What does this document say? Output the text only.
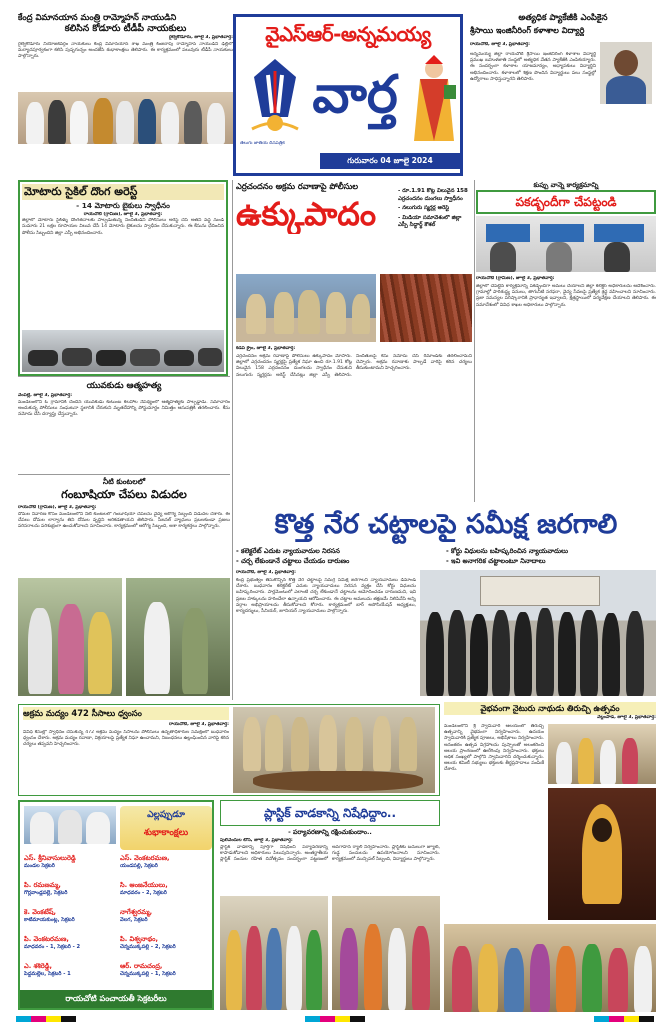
కేంద్ర విమానయాన మంత్రి రామ్మోహన్ నాయుడిని
కలిసిన కోడూరు టీడీపీ నాయకులు
రైల్వేకోడూరు, జూలై 3, ప్రభాతవార్త:
రైల్వేకోడూరు నియోజకవర్గం నాయకులు కేంద్ర విమానయాన శాఖ మంత్రి కింజరాపు రామ్మోహన్ నాయుడిని ఢిల్లీలో మర్యాదపూర్వకంగా కలిసి పుష్పగుచ్ఛం అందజేసి శుభాకాంక్షలు తెలిపారు. ఈ కార్యక్రమంలో పలువురు టీడీపీ నాయకులు పాల్గొన్నారు.
వైఎస్ఆర్-అన్నమయ్య
తెలుగు జాతీయ దినపత్రిక
వార్త
గురువారం 04 జూలై 2024
అత్యధిక ప్యాకేజీకి ఎంపికైన
శ్రీసాయి ఇంజినీరింగ్ కళాశాల విద్యార్థి
రాయచోటి, జూలై 3, ప్రభాతవార్త:
అన్నమయ్య జిల్లా రాయచోటి శ్రీసాయి ఇంజినీరింగ్ కళాశాల విద్యార్థి ప్రముఖ బహుళజాతి సంస్థలో అత్యధిక వేతన ప్యాకేజీకి ఎంపికయ్యారు. ఈ సందర్భంగా కళాశాల యాజమాన్యం, అధ్యాపకులు విద్యార్థిని అభినందించారు. కళాశాలలో శిక్షణ పొందిన విద్యార్థులు పలు సంస్థల్లో ఉద్యోగాలు సాధిస్తున్నారని తెలిపారు.
మోటారు సైకిల్ దొంగ అరెస్ట్
- 14 మోటారు బైకులు స్వాధీనం
రాయచోటి (గ్రామీణ), జూలై 3, ప్రభాతవార్త:
జిల్లాలో మోటారు సైకిళ్ళు దొంగతనాలకు పాల్పడుతున్న నిందితుడిని పోలీసులు అరెస్ట్ చేసి అతని వద్ద నుండి సుమారు 21 లక్షల రూపాయల విలువ చేసే 14 మోటారు బైకులను స్వాధీనం చేసుకున్నారు. ఈ కేసును ఛేదించిన పోలీసు సిబ్బందిని జిల్లా ఎస్పీ అభినందించారు.
ఎర్రచందనం అక్రమ రవాణాపై పోలీసుల
ఉక్కుపాదం
- రూ.1.91 కోట్ల విలువైన 158 ఎర్రచందనం దుంగలు స్వాధీనం
- నలుగురు స్మగ్లర్ల అరెస్ట్
- మీడియా సమావేశంలో జిల్లా ఎస్పీ సిద్ధార్థ్ కౌశల్
కడప క్రైం, జూలై 3, ప్రభాతవార్త:
ఎర్రచందనం అక్రమ రవాణాపై పోలీసులు ఉక్కుపాదం మోపారు. జిల్లాలో ఎర్రచందనం స్మగ్లర్లపై ప్రత్యేక నిఘా ఉంచి రూ.1.91 కోట్ల విలువైన 158 ఎర్రచందనం దుంగలను స్వాధీనం చేసుకుని నలుగురు స్మగ్లర్లను అరెస్ట్ చేసినట్లు జిల్లా ఎస్పీ తెలిపారు. నిందితులపై కేసు నమోదు చేసి రిమాండ్‌కు తరలించామని చెప్పారు. అక్రమ రవాణాకు పాల్పడే వారిపై కఠిన చర్యలు తీసుకుంటామని హెచ్చరించారు.
కుప్పు వాన్నె కార్యక్రమాన్ని
పకడ్బందీగా చేపట్టండి
రాయచోటి (గ్రామీణ), జూలై 3, ప్రభాతవార్త:
జిల్లాలో చేపట్టిన కార్యక్రమాన్ని పకడ్బందీగా అమలు చేయాలని జిల్లా కలెక్టర్ అధికారులను ఆదేశించారు. గ్రామాల్లో పారిశుద్ధ్య పనులు, తాగునీటి సరఫరా, వైద్య సేవలపై ప్రత్యేక శ్రద్ధ వహించాలని సూచించారు. ప్రజా సమస్యల పరిష్కారానికి ప్రాధాన్యత ఇవ్వాలని, క్షేత్రస్థాయిలో పర్యవేక్షణ చేయాలని తెలిపారు. ఈ సమావేశంలో వివిధ శాఖల అధికారులు పాల్గొన్నారు.
యువకుడు ఆత్మహత్య
వేంపల్లె, జూలై 3, ప్రభాతవార్త:
మండలంలోని ఓ గ్రామానికి చెందిన యువకుడు కుటుంబ కలహాల నేపథ్యంలో ఆత్మహత్యకు పాల్పడ్డాడు. సమాచారం అందుకున్న పోలీసులు సంఘటనా స్థలానికి చేరుకుని మృతదేహాన్ని పోస్టుమార్టం నిమిత్తం ఆసుపత్రికి తరలించారు. కేసు నమోదు చేసి దర్యాప్తు చేస్తున్నారు.
కొత్త నేర చట్టాలపై సమీక్ష జరగాలి
- కలెక్టరేట్ ఎదుట న్యాయవాదుల నిరసన	- కోర్టు విధులను బహిష్కరించిన న్యాయవాదులు
- చర్చ లేకుండానే చట్టాలు చేయడం దారుణం	- ఇవి అనాగరిక చట్టాలంటూ నినాదాలు
రాయచోటి, జూలై 3, ప్రభాతవార్త:
కేంద్ర ప్రభుత్వం తీసుకొచ్చిన కొత్త నేర చట్టాలపై సమగ్ర సమీక్ష జరగాలని న్యాయవాదులు డిమాండ్ చేశారు. బుధవారం కలెక్టరేట్ ఎదుట న్యాయవాదులు నిరసన వ్యక్తం చేసి కోర్టు విధులను బహిష్కరించారు. పార్లమెంటులో ఎలాంటి చర్చ లేకుండానే చట్టాలను ఆమోదించడం దారుణమని, ఇవి ప్రజల హక్కులను హరించేలా ఉన్నాయని ఆరోపించారు. ఈ చట్టాల అమలును తక్షణమే నిలిపివేసి అన్ని వర్గాల అభిప్రాయాలను తీసుకోవాలని కోరారు. కార్యక్రమంలో బార్ అసోసియేషన్ అధ్యక్షులు, కార్యదర్శులు, సీనియర్, జూనియర్ న్యాయవాదులు పాల్గొన్నారు.
నీటి కుంటలలో
గంబూషియా చేపలు విడుదల
రాయచోటి (గ్రామీణ), జూలై 3, ప్రభాతవార్త:
దోమల నివారణ కోసం మండలంలోని నీటి కుంటలలో గంబూషియా చేపలను వైద్య ఆరోగ్య సిబ్బంది విడుదల చేశారు. ఈ చేపలు దోమల లార్వాను తిని దోమల వృద్ధిని అరికడతాయని తెలిపారు. సీజనల్ వ్యాధులు ప్రబలకుండా ప్రజలు పరిసరాలను పరిశుభ్రంగా ఉంచుకోవాలని సూచించారు. కార్యక్రమంలో ఆరోగ్య సిబ్బంది, ఆశా కార్యకర్తలు పాల్గొన్నారు.
అక్రమ మద్యం 472 సీసాలు ధ్వంసం
రాయచోటి, జూలై 3, ప్రభాతవార్త:
వివిధ కేసుల్లో స్వాధీనం చేసుకున్న 472 అక్రమ మద్యం సీసాలను పోలీసులు ఉన్నతాధికారుల సమక్షంలో బుధవారం ధ్వంసం చేశారు. అక్రమ మద్యం రవాణా, విక్రయాలపై ప్రత్యేక నిఘా ఉంచామని, నిబంధనలు ఉల్లంఘించిన వారిపై కఠిన చర్యలు తప్పవని హెచ్చరించారు.
వైభవంగా నైటురు నాథుడు తిరుచ్చి ఉత్సవం
వెల్లంపాడ, జూలై 3, ప్రభాతవార్త:
మండలంలోని శ్రీ స్వామివారి ఆలయంలో తిరుచ్చి ఉత్సవాన్ని వైభవంగా నిర్వహించారు. ఉదయం స్వామివారికి ప్రత్యేక పూజలు, అభిషేకాలు నిర్వహించారు. అనంతరం ఉత్సవ విగ్రహాలను పుష్పాలతో అలంకరించి ఆలయ ప్రాంగణంలో ఊరేగింపు నిర్వహించారు. భక్తులు అధిక సంఖ్యలో పాల్గొని స్వామివారిని దర్శించుకున్నారు. ఆలయ కమిటీ సభ్యులు భక్తులకు తీర్థప్రసాదాలు పంపిణీ చేశారు.
ఎల్లప్పుడూ
శుభాకాంక్షలు
ఎస్. శ్రీనివాసులురెడ్డి
మండల సెక్రటరీ
ఎస్. వెంకటరమణ,
యండపల్లి, సెక్రటరీ
పి. రమణమ్మ,
గొర్లవాండ్లపల్లె, సెక్రటరీ
సి. ఆంజనేయులు,
మాధవరం - 2, సెక్రటరీ
కె. వెంకటేష్,
కాటిమాయకుంట్ల, సెక్రటరీ
నాగేశ్వరమ్మ,
వెలగ, సెక్రటరీ
పి. వెంకటరమణ,
మాధవరం - 1, సెక్రటరీ - 2
పి. విశ్వనాథం,
చెన్నముక్కపల్లి - 2, సెక్రటరీ
ఎ. శశిరెడ్డి,
పెద్దమల్లెల, సెక్రటరీ - 1
ఆర్. రామచంద్ర,
చెన్నముక్కపల్లి - 1, సెక్రటరీ
రాయచోటి పంచాయతీ సెక్రటరీలు
ప్లాస్టిక్ వాడకాన్ని నిషేధిద్దాం..
- పర్యావరణాన్ని రక్షించుకుందాం..
పులివెందుల టౌన్, జూలై 3, ప్రభాతవార్త:
ప్లాస్టిక్ వాడకాన్ని పూర్తిగా నిషేధించి పర్యావరణాన్ని కాపాడుకోవాలని అధికారులు పిలుపునిచ్చారు. అంతర్జాతీయ ప్లాస్టిక్ సంచుల రహిత దినోత్సవం సందర్భంగా పట్టణంలో అవగాహన ర్యాలీ నిర్వహించారు. ప్లాస్టిక్‌కు బదులుగా జ్యూట్, గుడ్డ సంచులను ఉపయోగించాలని సూచించారు. కార్యక్రమంలో మున్సిపల్ సిబ్బంది, విద్యార్థులు పాల్గొన్నారు.
